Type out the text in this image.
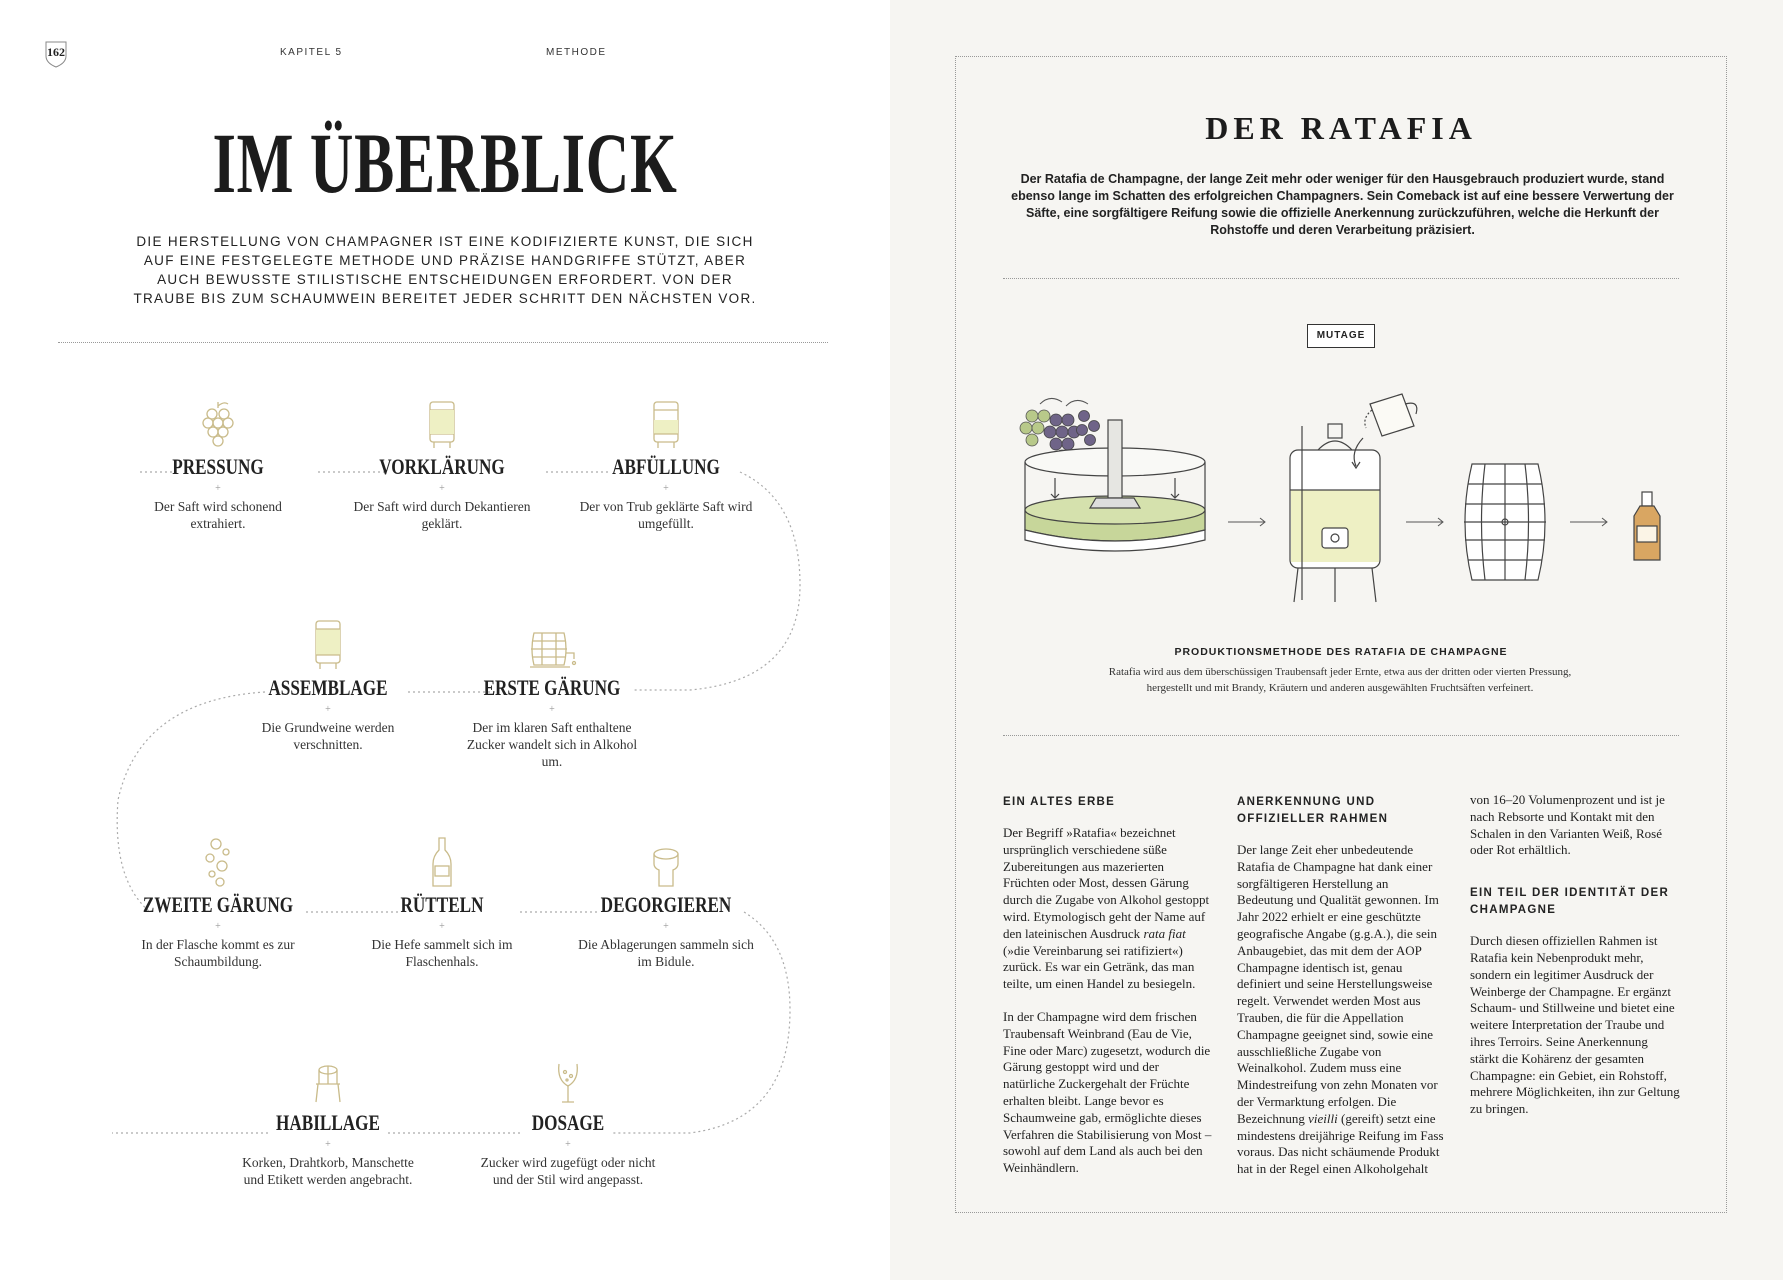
162	KAPITEL 5	METHODE
IM ÜBERBLICK
DIE HERSTELLUNG VON CHAMPAGNER IST EINE KODIFIZIERTE KUNST, DIE SICH AUF EINE FESTGELEGTE METHODE UND PRÄZISE HANDGRIFFE STÜTZT, ABER AUCH BEWUSSTE STILISTISCHE ENTSCHEIDUNGEN ERFORDERT. VON DER TRAUBE BIS ZUM SCHAUMWEIN BEREITET JEDER SCHRITT DEN NÄCHSTEN VOR.
PRESSUNG
+
Der Saft wird schonend extrahiert.
VORKLÄRUNG
+
Der Saft wird durch Dekantieren geklärt.
ABFÜLLUNG
+
Der von Trub geklärte Saft wird umgefüllt.
ASSEMBLAGE
+
Die Grundweine werden verschnitten.
ERSTE GÄRUNG
+
Der im klaren Saft enthaltene Zucker wandelt sich in Alkohol um.
ZWEITE GÄRUNG
+
In der Flasche kommt es zur Schaumbildung.
RÜTTELN
+
Die Hefe sammelt sich im Flaschenhals.
DEGORGIEREN
+
Die Ablagerungen sammeln sich im Bidule.
HABILLAGE
+
Korken, Drahtkorb, Manschette und Etikett werden angebracht.
DOSAGE
+
Zucker wird zugefügt oder nicht und der Stil wird angepasst.
DER RATAFIA
Der Ratafia de Champagne, der lange Zeit mehr oder weniger für den Hausgebrauch produziert wurde, stand ebenso lange im Schatten des erfolgreichen Champagners. Sein Comeback ist auf eine bessere Verwertung der Säfte, eine sorgfältigere Reifung sowie die offizielle Anerkennung zurückzuführen, welche die Herkunft der Rohstoffe und deren Verarbeitung präzisiert.
MUTAGE
PRODUKTIONSMETHODE DES RATAFIA DE CHAMPAGNE
Ratafia wird aus dem überschüssigen Traubensaft jeder Ernte, etwa aus der dritten oder vierten Pressung, hergestellt und mit Brandy, Kräutern und anderen ausgewählten Fruchtsäften verfeinert.
EIN ALTES ERBE

Der Begriff »Ratafia« bezeichnet ursprünglich verschiedene süße Zubereitungen aus mazerierten Früchten oder Most, dessen Gärung durch die Zugabe von Alkohol gestoppt wird. Etymologisch geht der Name auf den lateinischen Ausdruck rata fiat (»die Vereinbarung sei ratifiziert«) zurück. Es war ein Getränk, das man teilte, um einen Handel zu besiegeln.

In der Champagne wird dem frischen Traubensaft Weinbrand (Eau de Vie, Fine oder Marc) zugesetzt, wodurch die Gärung gestoppt wird und der natürliche Zuckergehalt der Früchte erhalten bleibt. Lange bevor es Schaumweine gab, ermöglichte dieses Verfahren die Stabilisierung von Most – sowohl auf dem Land als auch bei den Weinhändlern.

ANERKENNUNG UND OFFIZIELLER RAHMEN

Der lange Zeit eher unbedeutende Ratafia de Champagne hat dank einer sorgfältigeren Herstellung an Bedeutung und Qualität gewonnen. Im Jahr 2022 erhielt er eine geschützte geografische Angabe (g.g.A.), die sein Anbaugebiet, das mit dem der AOP Champagne identisch ist, genau definiert und seine Herstellungsweise regelt. Verwendet werden Most aus Trauben, die für die Appellation Champagne geeignet sind, sowie eine ausschließliche Zugabe von Weinalkohol. Zudem muss eine Mindestreifung von zehn Monaten vor der Vermarktung erfolgen. Die Bezeichnung vieilli (gereift) setzt eine mindestens dreijährige Reifung im Fass voraus. Das nicht schäumende Produkt hat in der Regel einen Alkoholgehalt

von 16–20 Volumenprozent und ist je nach Rebsorte und Kontakt mit den Schalen in den Varianten Weiß, Rosé oder Rot erhältlich.

EIN TEIL DER IDENTITÄT DER CHAMPAGNE

Durch diesen offiziellen Rahmen ist Ratafia kein Nebenprodukt mehr, sondern ein legitimer Ausdruck der Weinberge der Champagne. Er ergänzt Schaum- und Stillweine und bietet eine weitere Interpretation der Traube und ihres Terroirs. Seine Anerkennung stärkt die Kohärenz der gesamten Champagne: ein Gebiet, ein Rohstoff, mehrere Möglichkeiten, ihn zur Geltung zu bringen.
